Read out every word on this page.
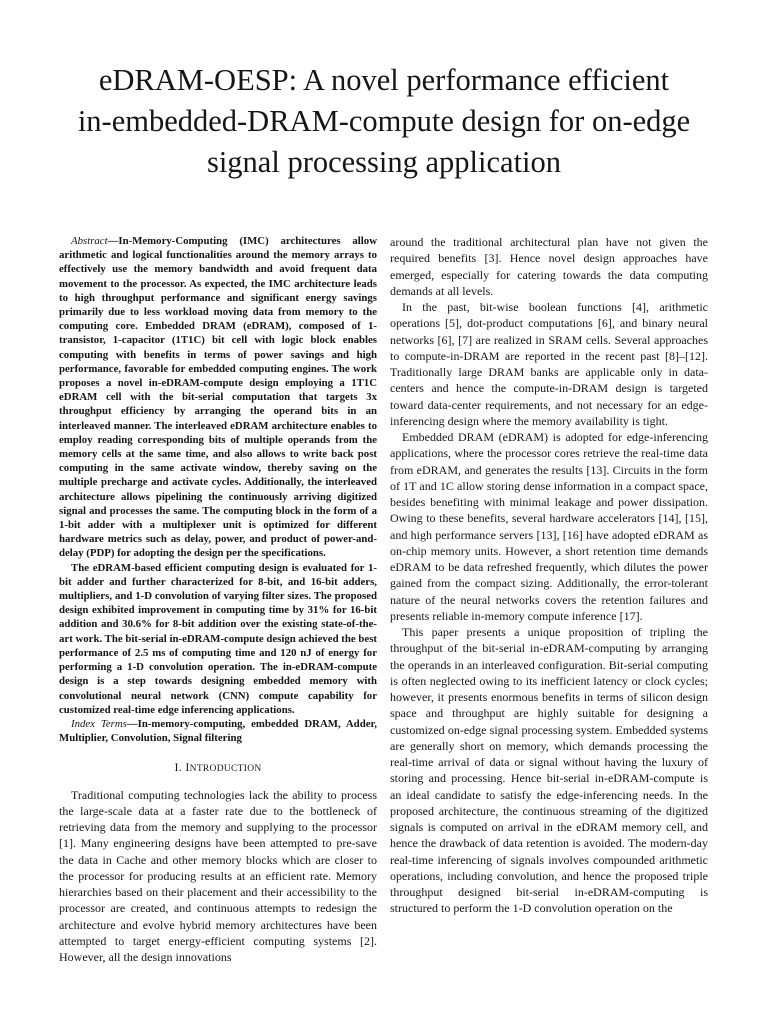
eDRAM-OESP: A novel performance efficient
in-embedded-DRAM-compute design for on-edge
signal processing application

Abstract—In-Memory-Computing (IMC) architectures allow arithmetic and logical functionalities around the memory arrays to effectively use the memory bandwidth and avoid frequent data movement to the processor. As expected, the IMC architecture leads to high throughput performance and significant energy savings primarily due to less workload moving data from memory to the computing core. Embedded DRAM (eDRAM), composed of 1-transistor, 1-capacitor (1T1C) bit cell with logic block enables computing with benefits in terms of power savings and high performance, favorable for embedded computing engines. The work proposes a novel in-eDRAM-compute design employing a 1T1C eDRAM cell with the bit-serial computation that targets 3x throughput efficiency by arranging the operand bits in an interleaved manner. The interleaved eDRAM architecture enables to employ reading corresponding bits of multiple operands from the memory cells at the same time, and also allows to write back post computing in the same activate window, thereby saving on the multiple precharge and activate cycles. Additionally, the interleaved architecture allows pipelining the continuously arriving digitized signal and processes the same. The computing block in the form of a 1-bit adder with a multiplexer unit is optimized for different hardware metrics such as delay, power, and product of power-and-delay (PDP) for adopting the design per the specifications.

The eDRAM-based efficient computing design is evaluated for 1-bit adder and further characterized for 8-bit, and 16-bit adders, multipliers, and 1-D convolution of varying filter sizes. The proposed design exhibited improvement in computing time by 31% for 16-bit addition and 30.6% for 8-bit addition over the existing state-of-the-art work. The bit-serial in-eDRAM-compute design achieved the best performance of 2.5 ms of computing time and 120 nJ of energy for performing a 1-D convolution operation. The in-eDRAM-compute design is a step towards designing embedded memory with convolutional neural network (CNN) compute capability for customized real-time edge inferencing applications.

Index Terms—In-memory-computing, embedded DRAM, Adder, Multiplier, Convolution, Signal filtering

I. INTRODUCTION

Traditional computing technologies lack the ability to process the large-scale data at a faster rate due to the bottleneck of retrieving data from the memory and supplying to the processor [1]. Many engineering designs have been attempted to pre-save the data in Cache and other memory blocks which are closer to the processor for producing results at an efficient rate. Memory hierarchies based on their placement and their accessibility to the processor are created, and continuous attempts to redesign the architecture and evolve hybrid memory architectures have been attempted to target energy-efficient computing systems [2]. However, all the design innovations

around the traditional architectural plan have not given the required benefits [3]. Hence novel design approaches have emerged, especially for catering towards the data computing demands at all levels.

In the past, bit-wise boolean functions [4], arithmetic operations [5], dot-product computations [6], and binary neural networks [6], [7] are realized in SRAM cells. Several approaches to compute-in-DRAM are reported in the recent past [8]–[12]. Traditionally large DRAM banks are applicable only in data-centers and hence the compute-in-DRAM design is targeted toward data-center requirements, and not necessary for an edge-inferencing design where the memory availability is tight.

Embedded DRAM (eDRAM) is adopted for edge-inferencing applications, where the processor cores retrieve the real-time data from eDRAM, and generates the results [13]. Circuits in the form of 1T and 1C allow storing dense information in a compact space, besides benefiting with minimal leakage and power dissipation. Owing to these benefits, several hardware accelerators [14], [15], and high performance servers [13], [16] have adopted eDRAM as on-chip memory units. However, a short retention time demands eDRAM to be data refreshed frequently, which dilutes the power gained from the compact sizing. Additionally, the error-tolerant nature of the neural networks covers the retention failures and presents reliable in-memory compute inference [17].

This paper presents a unique proposition of tripling the throughput of the bit-serial in-eDRAM-computing by arranging the operands in an interleaved configuration. Bit-serial computing is often neglected owing to its inefficient latency or clock cycles; however, it presents enormous benefits in terms of silicon design space and throughput are highly suitable for designing a customized on-edge signal processing system. Embedded systems are generally short on memory, which demands processing the real-time arrival of data or signal without having the luxury of storing and processing. Hence bit-serial in-eDRAM-compute is an ideal candidate to satisfy the edge-inferencing needs. In the proposed architecture, the continuous streaming of the digitized signals is computed on arrival in the eDRAM memory cell, and hence the drawback of data retention is avoided. The modern-day real-time inferencing of signals involves compounded arithmetic operations, including convolution, and hence the proposed triple throughput designed bit-serial in-eDRAM-computing is structured to perform the 1-D convolution operation on the
